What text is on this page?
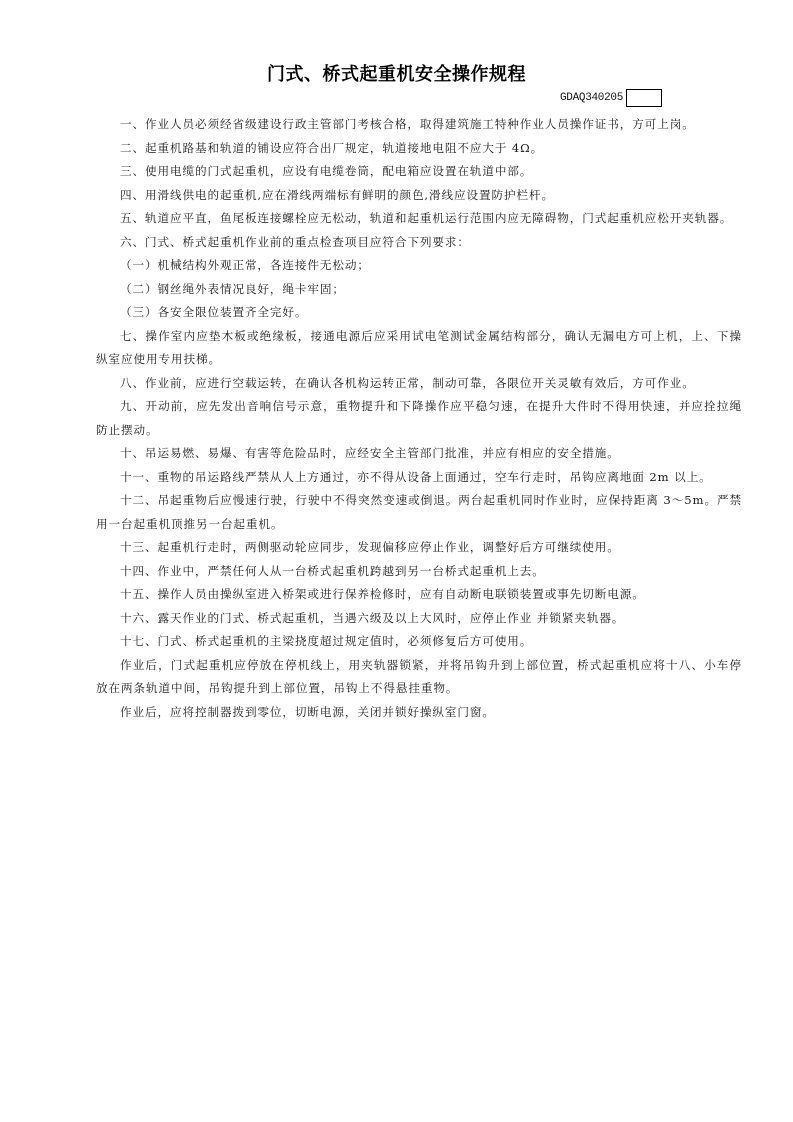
门式、桥式起重机安全操作规程
GDAQ340205

一、作业人员必须经省级建设行政主管部门考核合格，取得建筑施工特种作业人员操作证书，方可上岗。

二、起重机路基和轨道的铺设应符合出厂规定，轨道接地电阻不应大于 4Ω。

三、使用电缆的门式起重机，应设有电缆卷筒，配电箱应设置在轨道中部。

四、用滑线供电的起重机,应在滑线两端标有鲜明的颜色,滑线应设置防护栏杆。

五、轨道应平直，鱼尾板连接螺栓应无松动，轨道和起重机运行范围内应无障碍物，门式起重机应松开夹轨器。

六、门式、桥式起重机作业前的重点检查项目应符合下列要求：

（一）机械结构外观正常，各连接件无松动；

（二）钢丝绳外表情况良好，绳卡牢固；

（三）各安全限位装置齐全完好。

七、操作室内应垫木板或绝缘板，接通电源后应采用试电笔测试金属结构部分，确认无漏电方可上机，上、下操纵室应使用专用扶梯。

八、作业前，应进行空载运转，在确认各机构运转正常，制动可靠，各限位开关灵敏有效后，方可作业。

九、开动前，应先发出音响信号示意，重物提升和下降操作应平稳匀速，在提升大件时不得用快速，并应拴拉绳防止摆动。

十、吊运易燃、易爆、有害等危险品时，应经安全主管部门批准，并应有相应的安全措施。

十一、重物的吊运路线严禁从人上方通过，亦不得从设备上面通过，空车行走时，吊钩应离地面 2m 以上。

十二、吊起重物后应慢速行驶，行驶中不得突然变速或倒退。两台起重机同时作业时，应保持距离 3～5m。严禁用一台起重机顶推另一台起重机。

十三、起重机行走时，两侧驱动轮应同步，发现偏移应停止作业，调整好后方可继续使用。

十四、作业中，严禁任何人从一台桥式起重机跨越到另一台桥式起重机上去。

十五、操作人员由操纵室进入桥架或进行保养检修时，应有自动断电联锁装置或事先切断电源。

十六、露天作业的门式、桥式起重机，当遇六级及以上大风时，应停止作业 并锁紧夹轨器。

十七、门式、桥式起重机的主梁挠度超过规定值时，必须修复后方可使用。

作业后，门式起重机应停放在停机线上，用夹轨器锁紧，并将吊钩升到上部位置，桥式起重机应将十八、小车停放在两条轨道中间，吊钩提升到上部位置，吊钩上不得悬挂重物。

作业后，应将控制器拨到零位，切断电源，关闭并锁好操纵室门窗。
